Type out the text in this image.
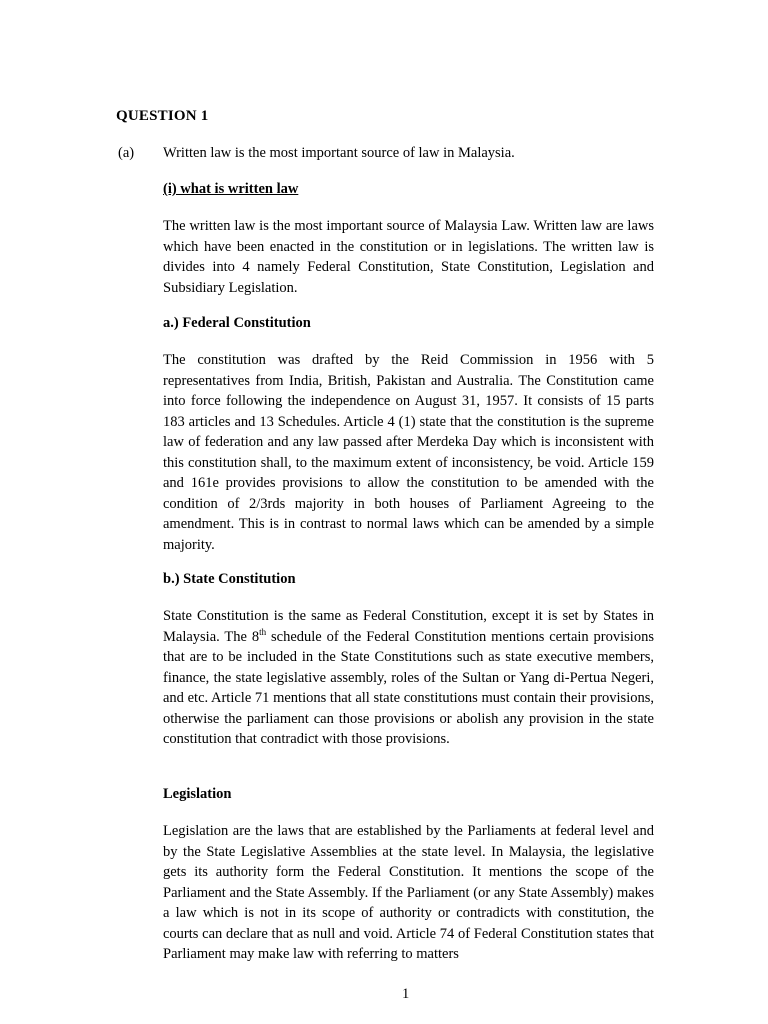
QUESTION 1
(a) Written law is the most important source of law in Malaysia.
(i) what is written law

The written law is the most important source of Malaysia Law. Written law are laws which have been enacted in the constitution or in legislations. The written law is divides into 4 namely Federal Constitution, State Constitution, Legislation and Subsidiary Legislation.

a.) Federal Constitution

The constitution was drafted by the Reid Commission in 1956 with 5 representatives from India, British, Pakistan and Australia. The Constitution came into force following the independence on August 31, 1957. It consists of 15 parts 183 articles and 13 Schedules. Article 4 (1) state that the constitution is the supreme law of federation and any law passed after Merdeka Day which is inconsistent with this constitution shall, to the maximum extent of inconsistency, be void. Article 159 and 161e provides provisions to allow the constitution to be amended with the condition of 2/3rds majority in both houses of Parliament Agreeing to the amendment. This is in contrast to normal laws which can be amended by a simple majority.

b.) State Constitution

State Constitution is the same as Federal Constitution, except it is set by States in Malaysia. The 8th schedule of the Federal Constitution mentions certain provisions that are to be included in the State Constitutions such as state executive members, finance, the state legislative assembly, roles of the Sultan or Yang di-Pertua Negeri, and etc. Article 71 mentions that all state constitutions must contain their provisions, otherwise the parliament can those provisions or abolish any provision in the state constitution that contradict with those provisions.

Legislation

Legislation are the laws that are established by the Parliaments at federal level and by the State Legislative Assemblies at the state level. In Malaysia, the legislative gets its authority form the Federal Constitution. It mentions the scope of the Parliament and the State Assembly. If the Parliament (or any State Assembly) makes a law which is not in its scope of authority or contradicts with constitution, the courts can declare that as null and void. Article 74 of Federal Constitution states that Parliament may make law with referring to matters

1
